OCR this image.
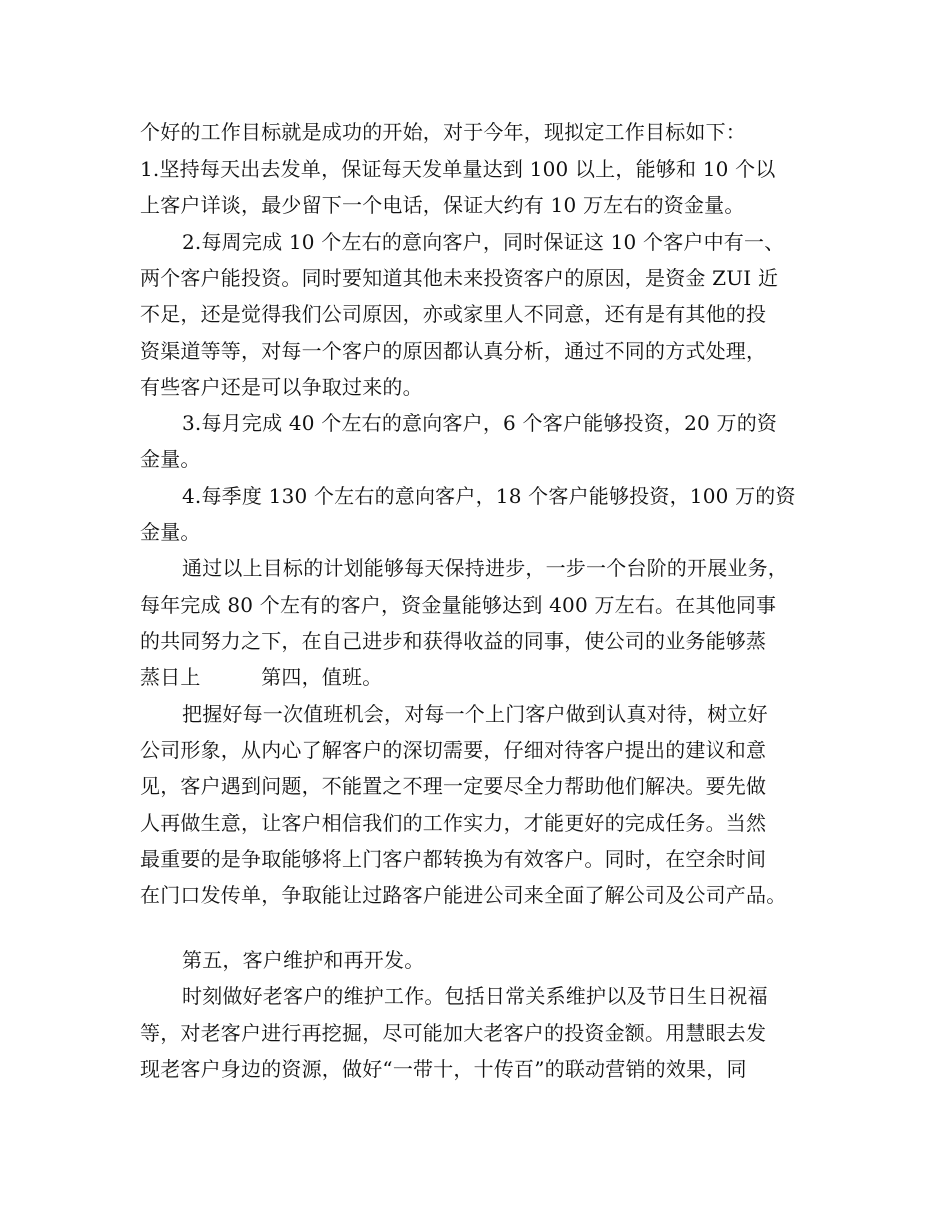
个好的工作目标就是成功的开始，对于今年，现拟定工作目标如下：
1.坚持每天出去发单，保证每天发单量达到 100 以上，能够和 10 个以
上客户详谈，最少留下一个电话，保证大约有 10 万左右的资金量。
2.每周完成 10 个左右的意向客户，同时保证这 10 个客户中有一、
两个客户能投资。同时要知道其他未来投资客户的原因，是资金 ZUI 近
不足，还是觉得我们公司原因，亦或家里人不同意，还有是有其他的投
资渠道等等，对每一个客户的原因都认真分析，通过不同的方式处理，
有些客户还是可以争取过来的。
3.每月完成 40 个左右的意向客户，6 个客户能够投资，20 万的资
金量。
4.每季度 130 个左右的意向客户，18 个客户能够投资，100 万的资
金量。
通过以上目标的计划能够每天保持进步，一步一个台阶的开展业务，
每年完成 80 个左有的客户，资金量能够达到 400 万左右。在其他同事
的共同努力之下，在自己进步和获得收益的同事，使公司的业务能够蒸
蒸日上　　　第四，值班。
把握好每一次值班机会，对每一个上门客户做到认真对待，树立好
公司形象，从内心了解客户的深切需要，仔细对待客户提出的建议和意
见，客户遇到问题，不能置之不理一定要尽全力帮助他们解决。要先做
人再做生意，让客户相信我们的工作实力，才能更好的完成任务。当然
最重要的是争取能够将上门客户都转换为有效客户。同时，在空余时间
在门口发传单，争取能让过路客户能进公司来全面了解公司及公司产品。
第五，客户维护和再开发。
时刻做好老客户的维护工作。包括日常关系维护以及节日生日祝福
等，对老客户进行再挖掘，尽可能加大老客户的投资金额。用慧眼去发
现老客户身边的资源，做好“一带十，十传百”的联动营销的效果，同
